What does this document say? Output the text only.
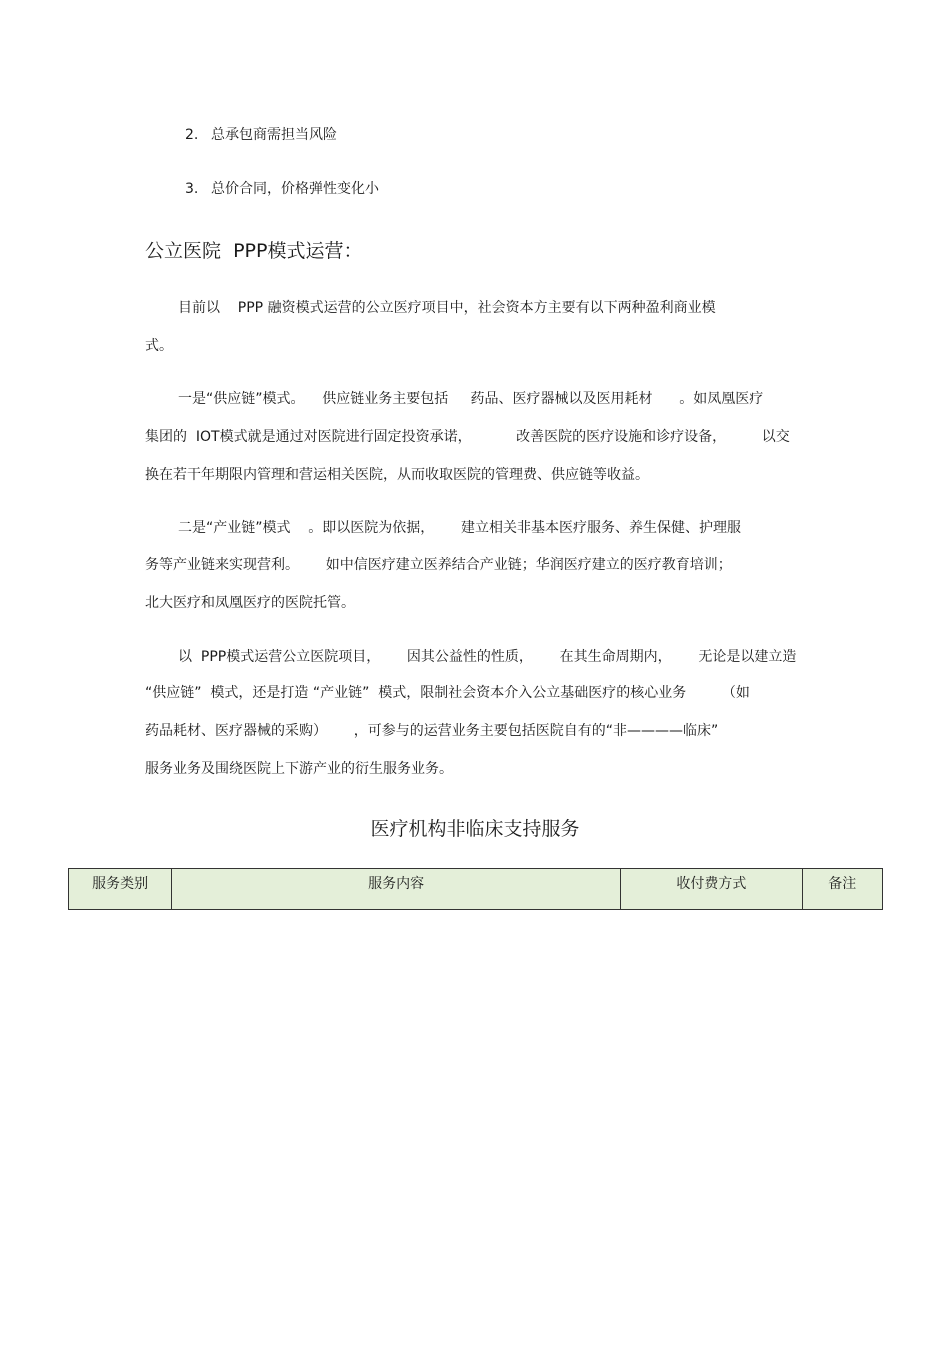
2. 总承包商需担当风险
3. 总价合同，价格弹性变化小
公立医院  PPP模式运营：
目前以    PPP 融资模式运营的公立医疗项目中，社会资本方主要有以下两种盈利商业模
式。
一是“供应链”模式。    供应链业务主要包括     药品、医疗器械以及医用耗材      。如凤凰医疗
集团的  IOT模式就是通过对医院进行固定投资承诺，          改善医院的医疗设施和诊疗设备，        以交
换在若干年期限内管理和营运相关医院，从而收取医院的管理费、供应链等收益。
二是“产业链”模式    。即以医院为依据，      建立相关非基本医疗服务、养生保健、护理服
务等产业链来实现营利。      如中信医疗建立医养结合产业链；华润医疗建立的医疗教育培训；
北大医疗和凤凰医疗的医院托管。
以  PPP模式运营公立医院项目，      因其公益性的性质，      在其生命周期内，      无论是以建立造
“供应链”  模式，还是打造 “产业链”  模式，限制社会资本介入公立基础医疗的核心业务        （如
药品耗材、医疗器械的采购）      ，可参与的运营业务主要包括医院自有的“非————临床”
服务业务及围绕医院上下游产业的衍生服务业务。
医疗机构非临床支持服务
服务类别	服务内容	收付费方式	备注
